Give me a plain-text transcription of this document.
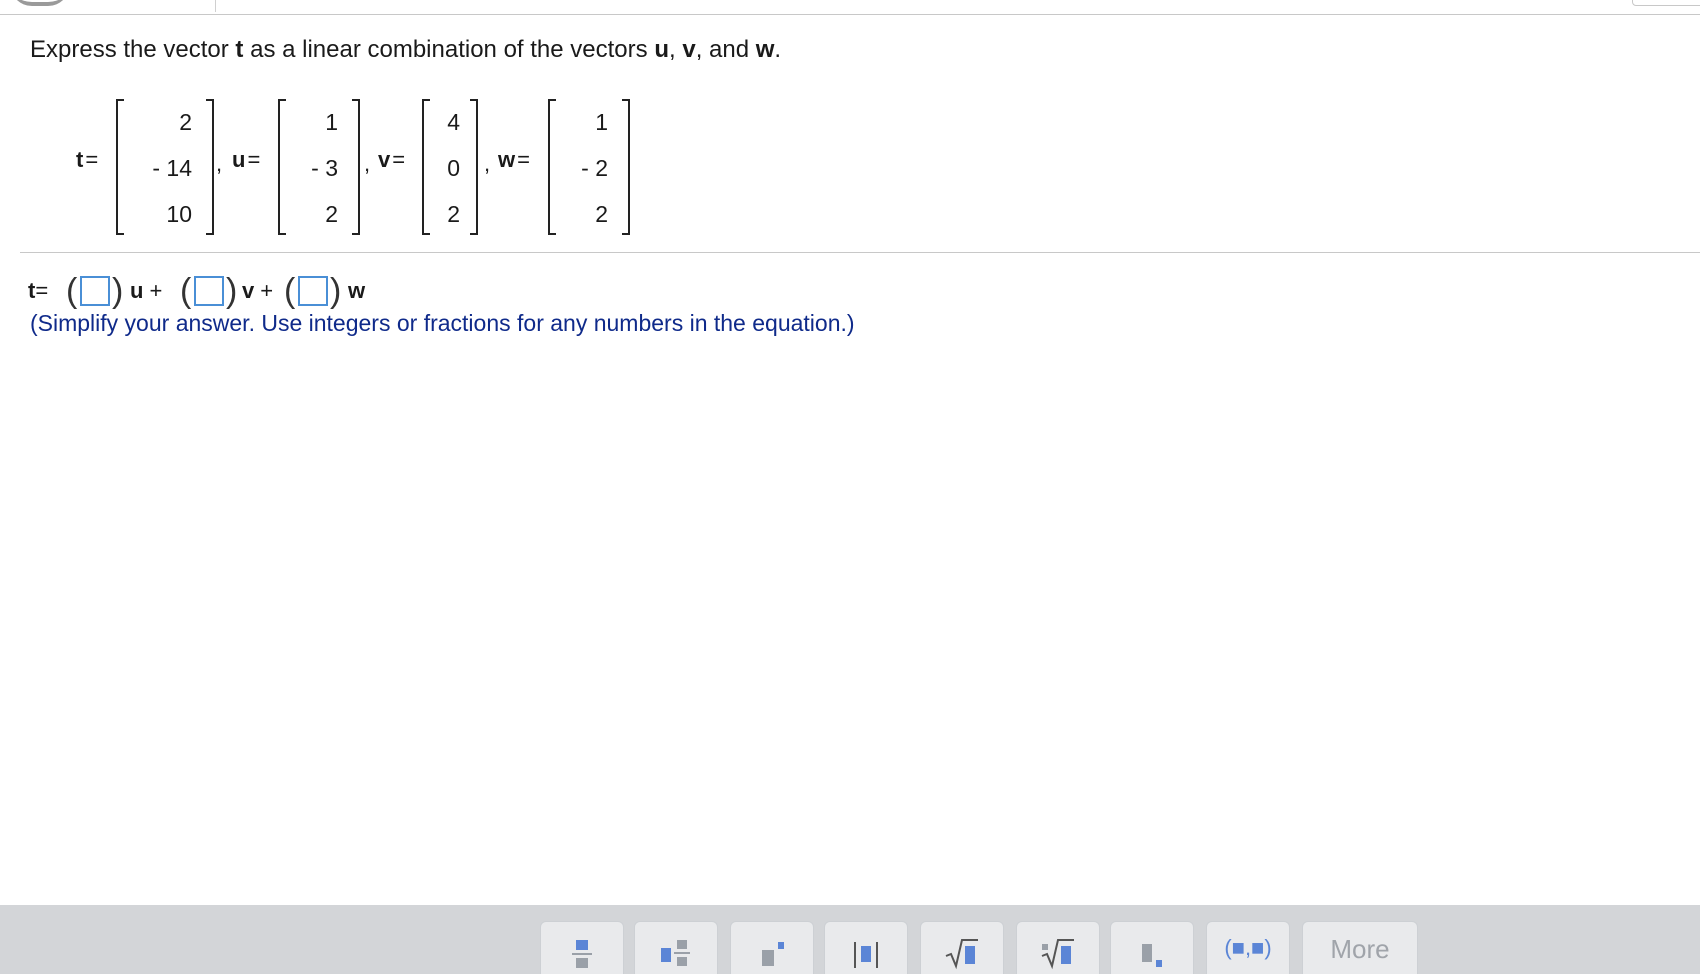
Express the vector t as a linear combination of the vectors u, v, and w.
t=
2
- 14
10
, u=
1
- 3
2
, v=
4
0
2
, w=
1
- 2
2
t= ( ) u + ( ) v + ( ) w
(Simplify your answer. Use integers or fractions for any numbers in the equation.)
(■,■)	More
